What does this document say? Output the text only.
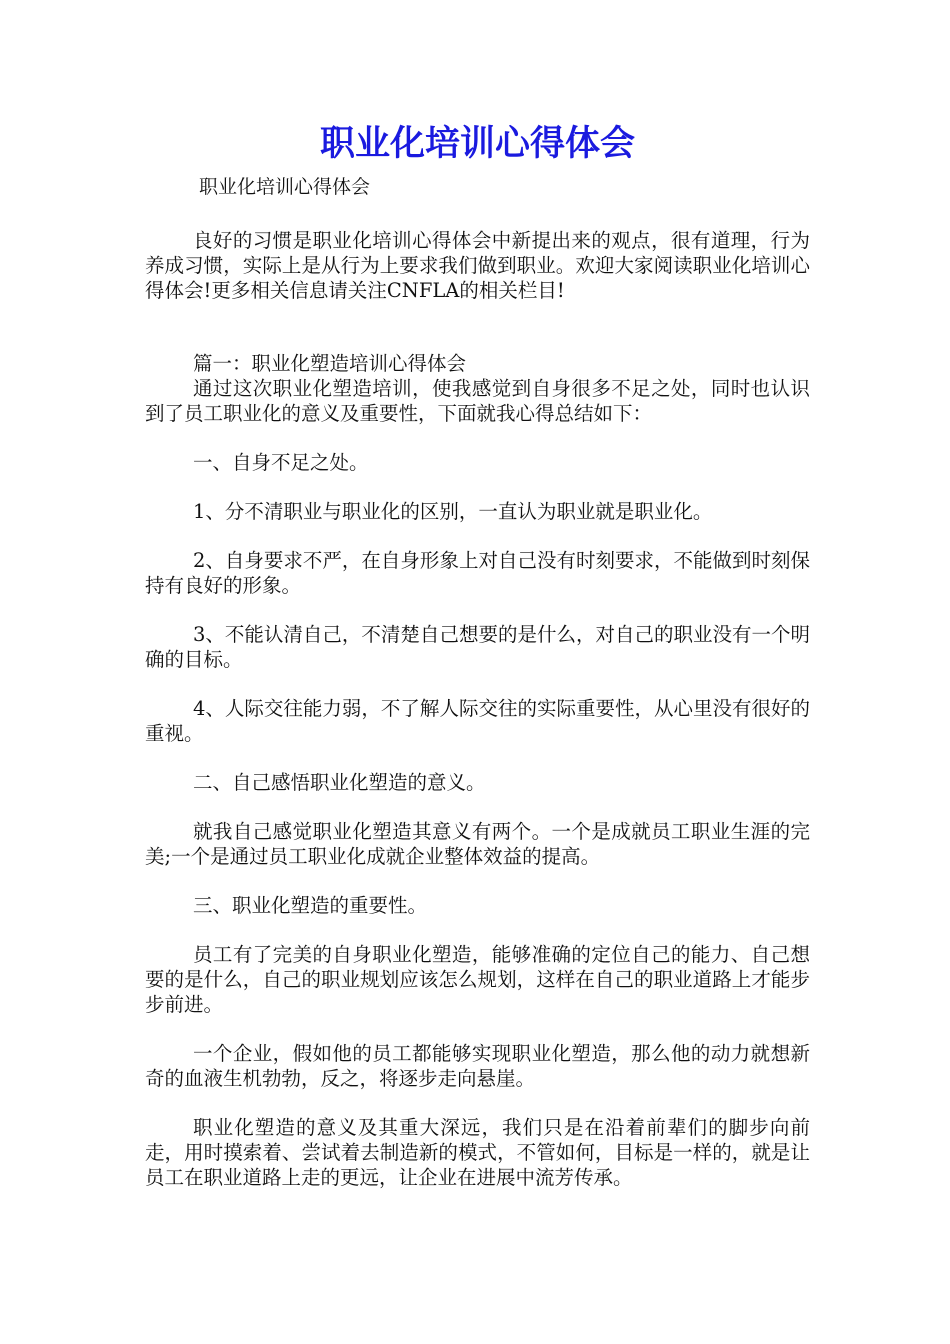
职业化培训心得体会

职业化培训心得体会

良好的习惯是职业化培训心得体会中新提出来的观点，很有道理，行为养成习惯，实际上是从行为上要求我们做到职业。欢迎大家阅读职业化培训心得体会!更多相关信息请关注CNFLA的相关栏目!

篇一：职业化塑造培训心得体会

通过这次职业化塑造培训，使我感觉到自身很多不足之处，同时也认识到了员工职业化的意义及重要性，下面就我心得总结如下：

一、自身不足之处。

1、分不清职业与职业化的区别，一直认为职业就是职业化。

2、自身要求不严，在自身形象上对自己没有时刻要求，不能做到时刻保持有良好的形象。

3、不能认清自己，不清楚自己想要的是什么，对自己的职业没有一个明确的目标。

4、人际交往能力弱，不了解人际交往的实际重要性，从心里没有很好的重视。

二、自己感悟职业化塑造的意义。

就我自己感觉职业化塑造其意义有两个。一个是成就员工职业生涯的完美;一个是通过员工职业化成就企业整体效益的提高。

三、职业化塑造的重要性。

员工有了完美的自身职业化塑造，能够准确的定位自己的能力、自己想要的是什么，自己的职业规划应该怎么规划，这样在自己的职业道路上才能步步前进。

一个企业，假如他的员工都能够实现职业化塑造，那么他的动力就想新奇的血液生机勃勃，反之，将逐步走向悬崖。

职业化塑造的意义及其重大深远，我们只是在沿着前辈们的脚步向前走，用时摸索着、尝试着去制造新的模式，不管如何，目标是一样的，就是让员工在职业道路上走的更远，让企业在进展中流芳传承。
